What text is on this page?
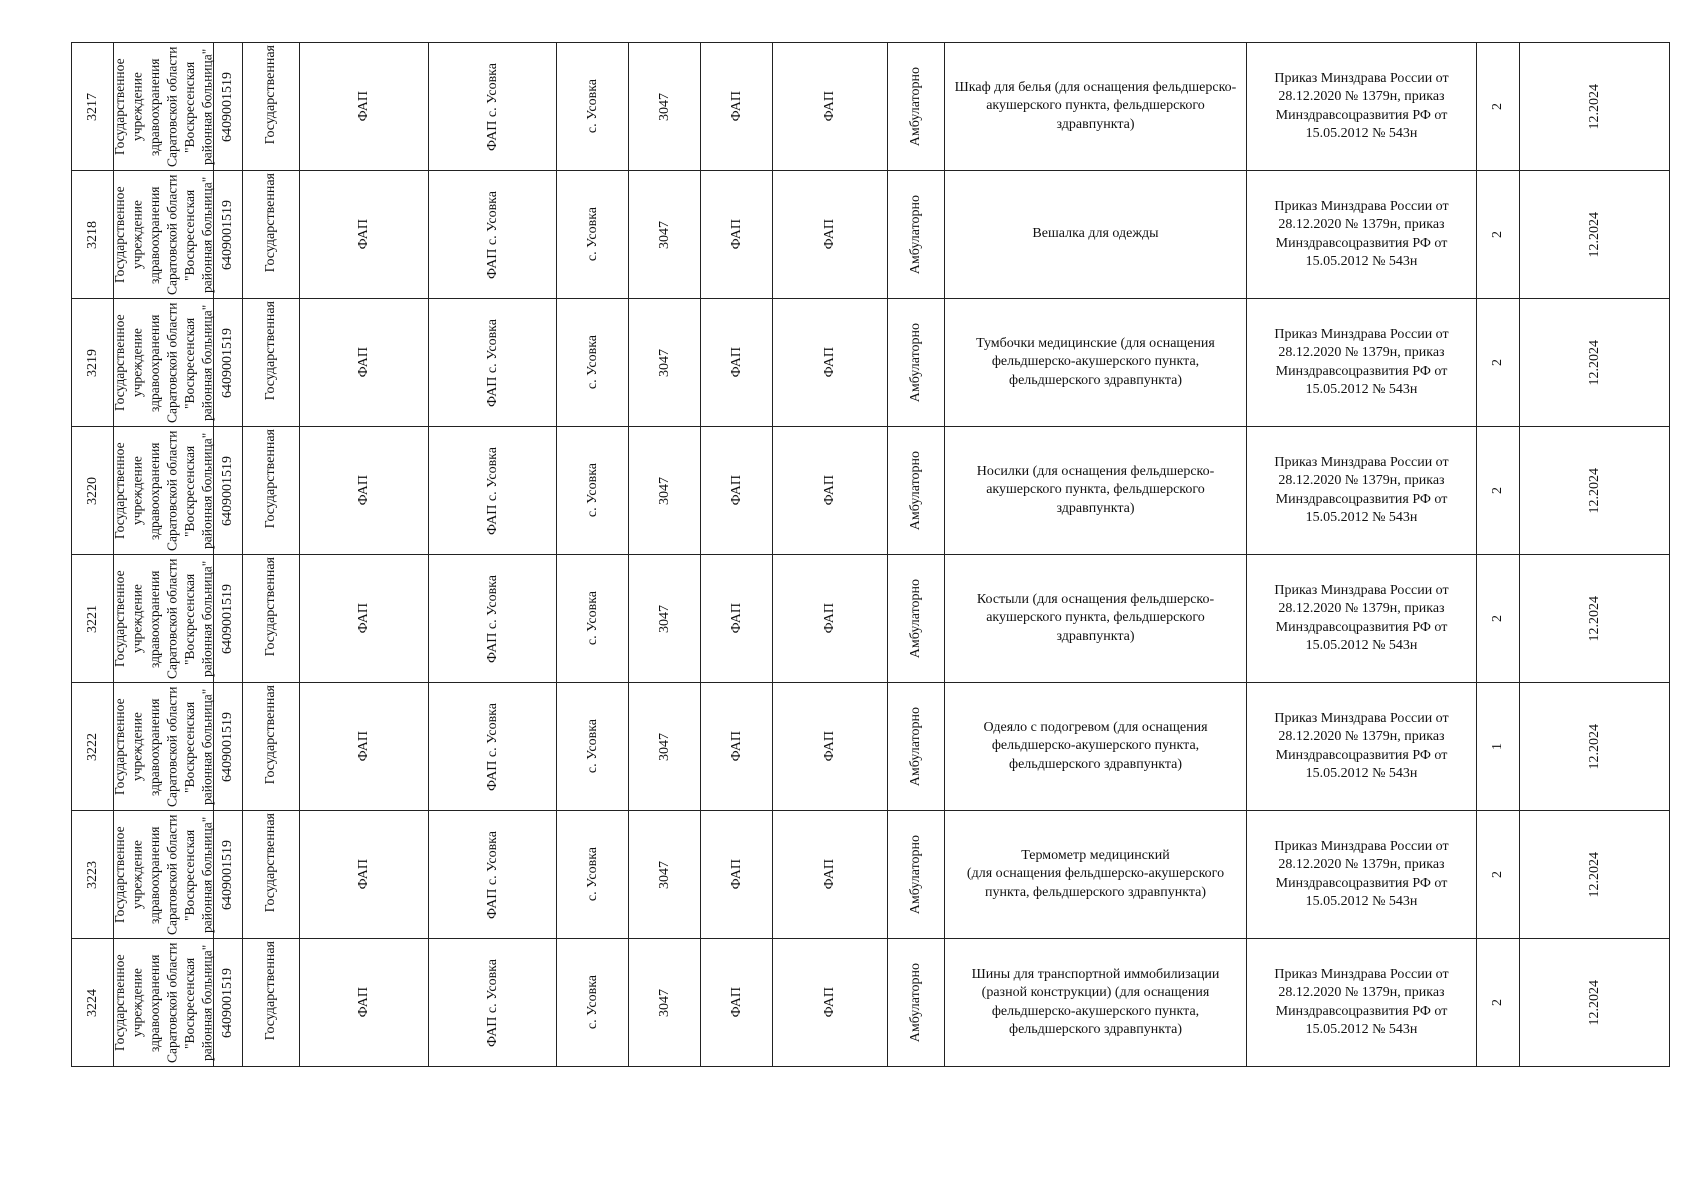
3217	Государственное учреждение здравоохранения Саратовской области "Воскресенская районная больница"	6409001519	Государственная	ФАП	ФАП с. Усовка	с. Усовка	3047	ФАП	ФАП	Амбулаторно	Шкаф для белья (для оснащения фельдшерско-акушерского пункта, фельдшерского здравпункта)	Приказ Минздрава России от 28.12.2020 № 1379н, приказ Минздравсоцразвития РФ от 15.05.2012 № 543н	2	12.2024

3218	Государственное учреждение здравоохранения Саратовской области "Воскресенская районная больница"	6409001519	Государственная	ФАП	ФАП с. Усовка	с. Усовка	3047	ФАП	ФАП	Амбулаторно	Вешалка для одежды	Приказ Минздрава России от 28.12.2020 № 1379н, приказ Минздравсоцразвития РФ от 15.05.2012 № 543н	2	12.2024

3219	Государственное учреждение здравоохранения Саратовской области "Воскресенская районная больница"	6409001519	Государственная	ФАП	ФАП с. Усовка	с. Усовка	3047	ФАП	ФАП	Амбулаторно	Тумбочки медицинские (для оснащения фельдшерско-акушерского пункта, фельдшерского здравпункта)	Приказ Минздрава России от 28.12.2020 № 1379н, приказ Минздравсоцразвития РФ от 15.05.2012 № 543н	2	12.2024

3220	Государственное учреждение здравоохранения Саратовской области "Воскресенская районная больница"	6409001519	Государственная	ФАП	ФАП с. Усовка	с. Усовка	3047	ФАП	ФАП	Амбулаторно	Носилки (для оснащения фельдшерско-акушерского пункта, фельдшерского здравпункта)	Приказ Минздрава России от 28.12.2020 № 1379н, приказ Минздравсоцразвития РФ от 15.05.2012 № 543н	2	12.2024

3221	Государственное учреждение здравоохранения Саратовской области "Воскресенская районная больница"	6409001519	Государственная	ФАП	ФАП с. Усовка	с. Усовка	3047	ФАП	ФАП	Амбулаторно	Костыли (для оснащения фельдшерско-акушерского пункта, фельдшерского здравпункта)	Приказ Минздрава России от 28.12.2020 № 1379н, приказ Минздравсоцразвития РФ от 15.05.2012 № 543н	2	12.2024

3222	Государственное учреждение здравоохранения Саратовской области "Воскресенская районная больница"	6409001519	Государственная	ФАП	ФАП с. Усовка	с. Усовка	3047	ФАП	ФАП	Амбулаторно	Одеяло с подогревом (для оснащения фельдшерско-акушерского пункта, фельдшерского здравпункта)	Приказ Минздрава России от 28.12.2020 № 1379н, приказ Минздравсоцразвития РФ от 15.05.2012 № 543н	1	12.2024

3223	Государственное учреждение здравоохранения Саратовской области "Воскресенская районная больница"	6409001519	Государственная	ФАП	ФАП с. Усовка	с. Усовка	3047	ФАП	ФАП	Амбулаторно	Термометр медицинский
(для оснащения фельдшерско-акушерского пункта, фельдшерского здравпункта)	Приказ Минздрава России от 28.12.2020 № 1379н, приказ Минздравсоцразвития РФ от 15.05.2012 № 543н	2	12.2024

3224	Государственное учреждение здравоохранения Саратовской области "Воскресенская районная больница"	6409001519	Государственная	ФАП	ФАП с. Усовка	с. Усовка	3047	ФАП	ФАП	Амбулаторно	Шины для транспортной иммобилизации (разной конструкции) (для оснащения фельдшерско-акушерского пункта, фельдшерского здравпункта)	Приказ Минздрава России от 28.12.2020 № 1379н, приказ Минздравсоцразвития РФ от 15.05.2012 № 543н	2	12.2024
